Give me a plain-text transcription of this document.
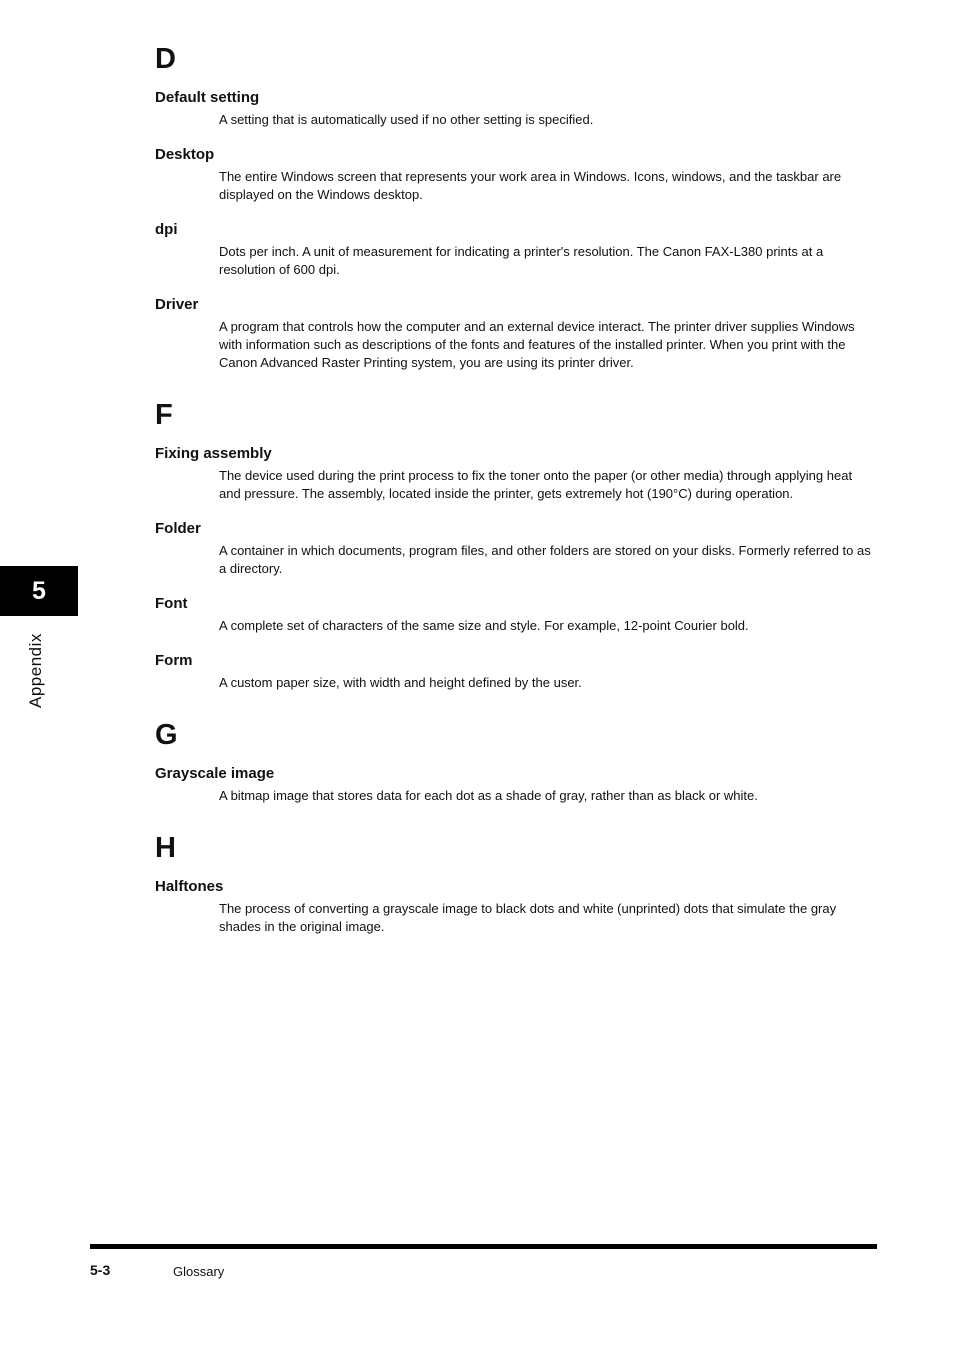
D
Default setting
A setting that is automatically used if no other setting is specified.
Desktop
The entire Windows screen that represents your work area in Windows. Icons, windows, and the taskbar are displayed on the Windows desktop.
dpi
Dots per inch. A unit of measurement for indicating a printer's resolution. The Canon FAX-L380 prints at a resolution of 600 dpi.
Driver
A program that controls how the computer and an external device interact. The printer driver supplies Windows with information such as descriptions of the fonts and features of the installed printer. When you print with the Canon Advanced Raster Printing system, you are using its printer driver.
F
Fixing assembly
The device used during the print process to fix the toner onto the paper (or other media) through applying heat and pressure. The assembly, located inside the printer, gets extremely hot (190°C) during operation.
Folder
A container in which documents, program files, and other folders are stored on your disks. Formerly referred to as a directory.
Font
A complete set of characters of the same size and style. For example, 12-point Courier bold.
Form
A custom paper size, with width and height defined by the user.
G
Grayscale image
A bitmap image that stores data for each dot as a shade of gray, rather than as black or white.
H
Halftones
The process of converting a grayscale image to black dots and white (unprinted) dots that simulate the gray shades in the original image.
5
Appendix
5-3	Glossary
